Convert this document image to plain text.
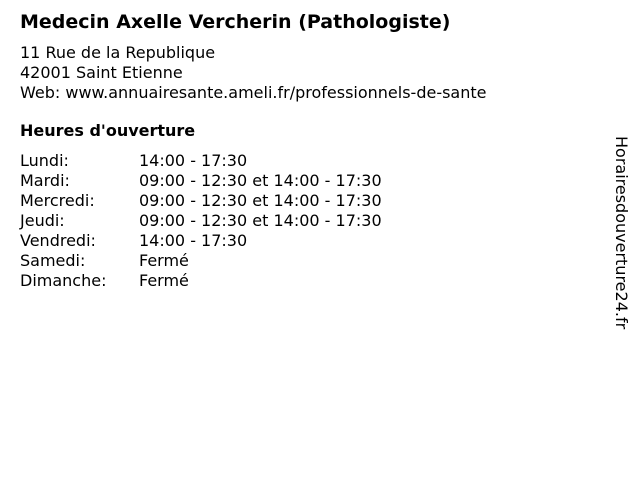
Medecin Axelle Vercherin (Pathologiste)
11 Rue de la Republique
42001 Saint Etienne
Web: www.annuairesante.ameli.fr/professionnels-de-sante
Heures d'ouverture
Lundi:	14:00 - 17:30
Mardi:	09:00 - 12:30 et 14:00 - 17:30
Mercredi:	09:00 - 12:30 et 14:00 - 17:30
Jeudi:	09:00 - 12:30 et 14:00 - 17:30
Vendredi:	14:00 - 17:30
Samedi:	Fermé
Dimanche:	Fermé	Horairesdouverture24.fr
